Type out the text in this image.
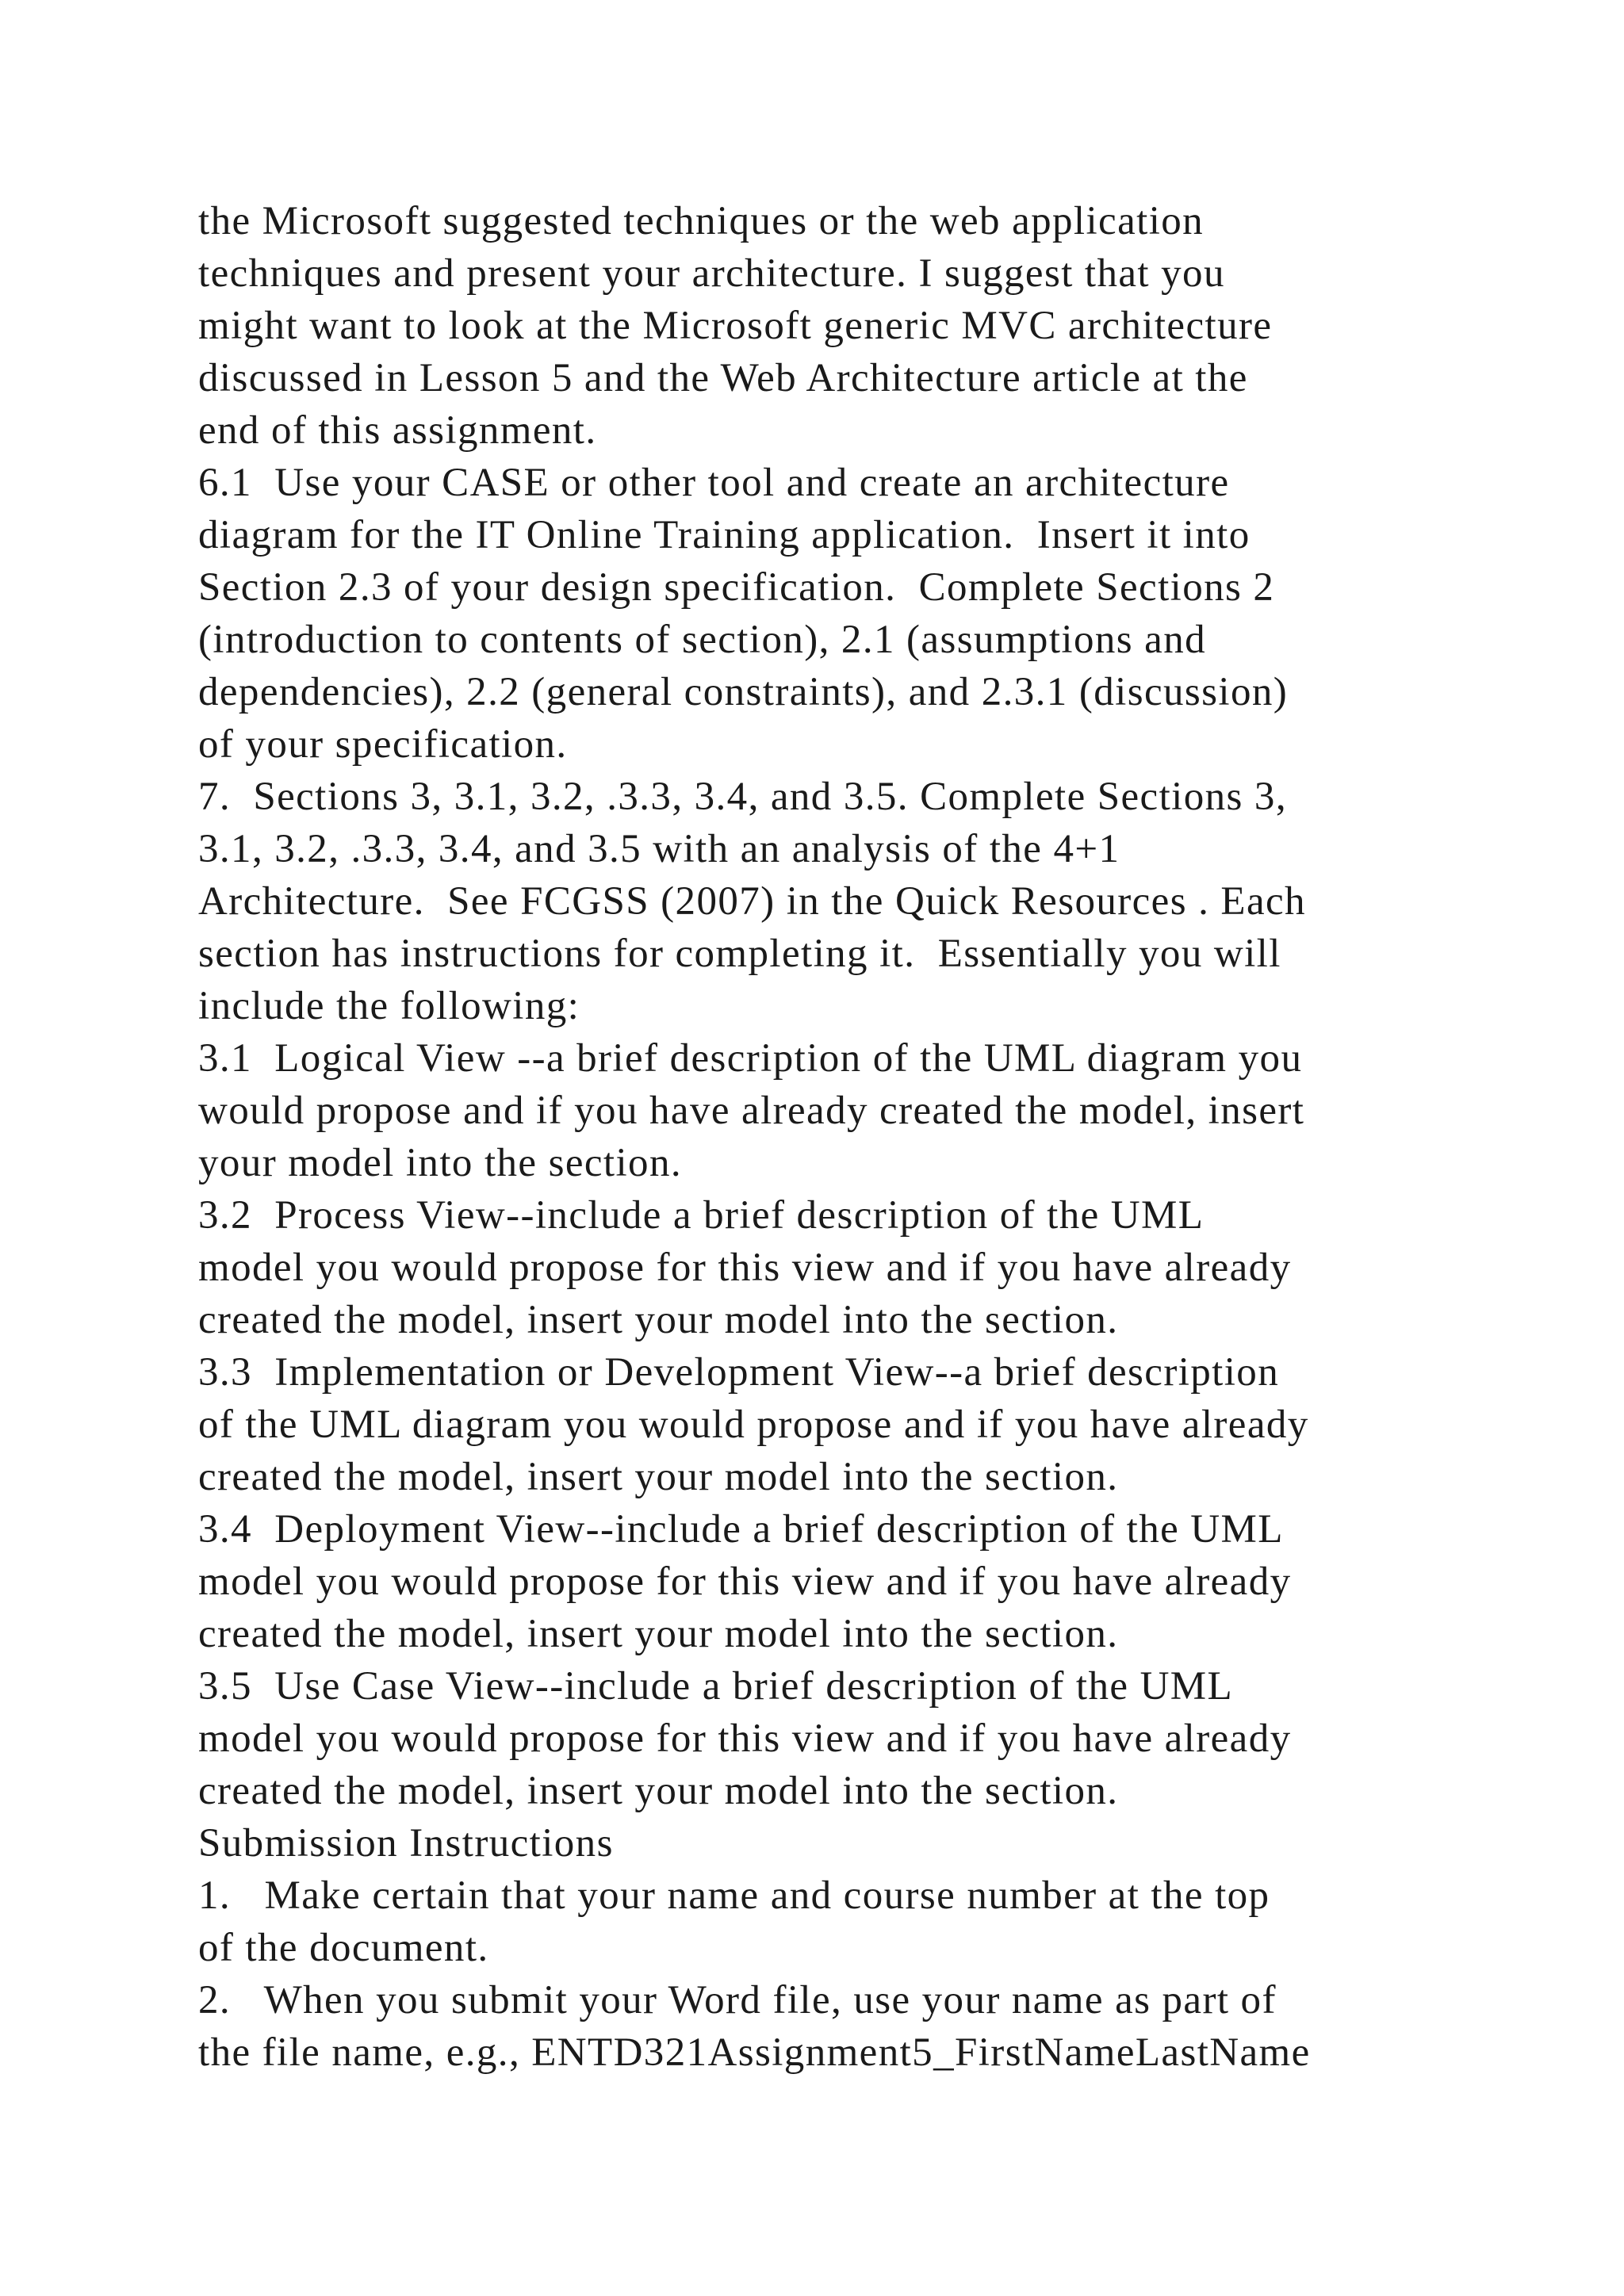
the Microsoft suggested techniques or the web application
techniques and present your architecture. I suggest that you
might want to look at the Microsoft generic MVC architecture
discussed in Lesson 5 and the Web Architecture article at the
end of this assignment.
6.1  Use your CASE or other tool and create an architecture
diagram for the IT Online Training application.  Insert it into
Section 2.3 of your design specification.  Complete Sections 2
(introduction to contents of section), 2.1 (assumptions and
dependencies), 2.2 (general constraints), and 2.3.1 (discussion)
of your specification.
7.  Sections 3, 3.1, 3.2, .3.3, 3.4, and 3.5. Complete Sections 3,
3.1, 3.2, .3.3, 3.4, and 3.5 with an analysis of the 4+1
Architecture.  See FCGSS (2007) in the Quick Resources . Each
section has instructions for completing it.  Essentially you will
include the following:
3.1  Logical View --a brief description of the UML diagram you
would propose and if you have already created the model, insert
your model into the section.
3.2  Process View--include a brief description of the UML
model you would propose for this view and if you have already
created the model, insert your model into the section.
3.3  Implementation or Development View--a brief description
of the UML diagram you would propose and if you have already
created the model, insert your model into the section.
3.4  Deployment View--include a brief description of the UML
model you would propose for this view and if you have already
created the model, insert your model into the section.
3.5  Use Case View--include a brief description of the UML
model you would propose for this view and if you have already
created the model, insert your model into the section.
Submission Instructions
1.   Make certain that your name and course number at the top
of the document.
2.   When you submit your Word file, use your name as part of
the file name, e.g., ENTD321Assignment5_FirstNameLastName
